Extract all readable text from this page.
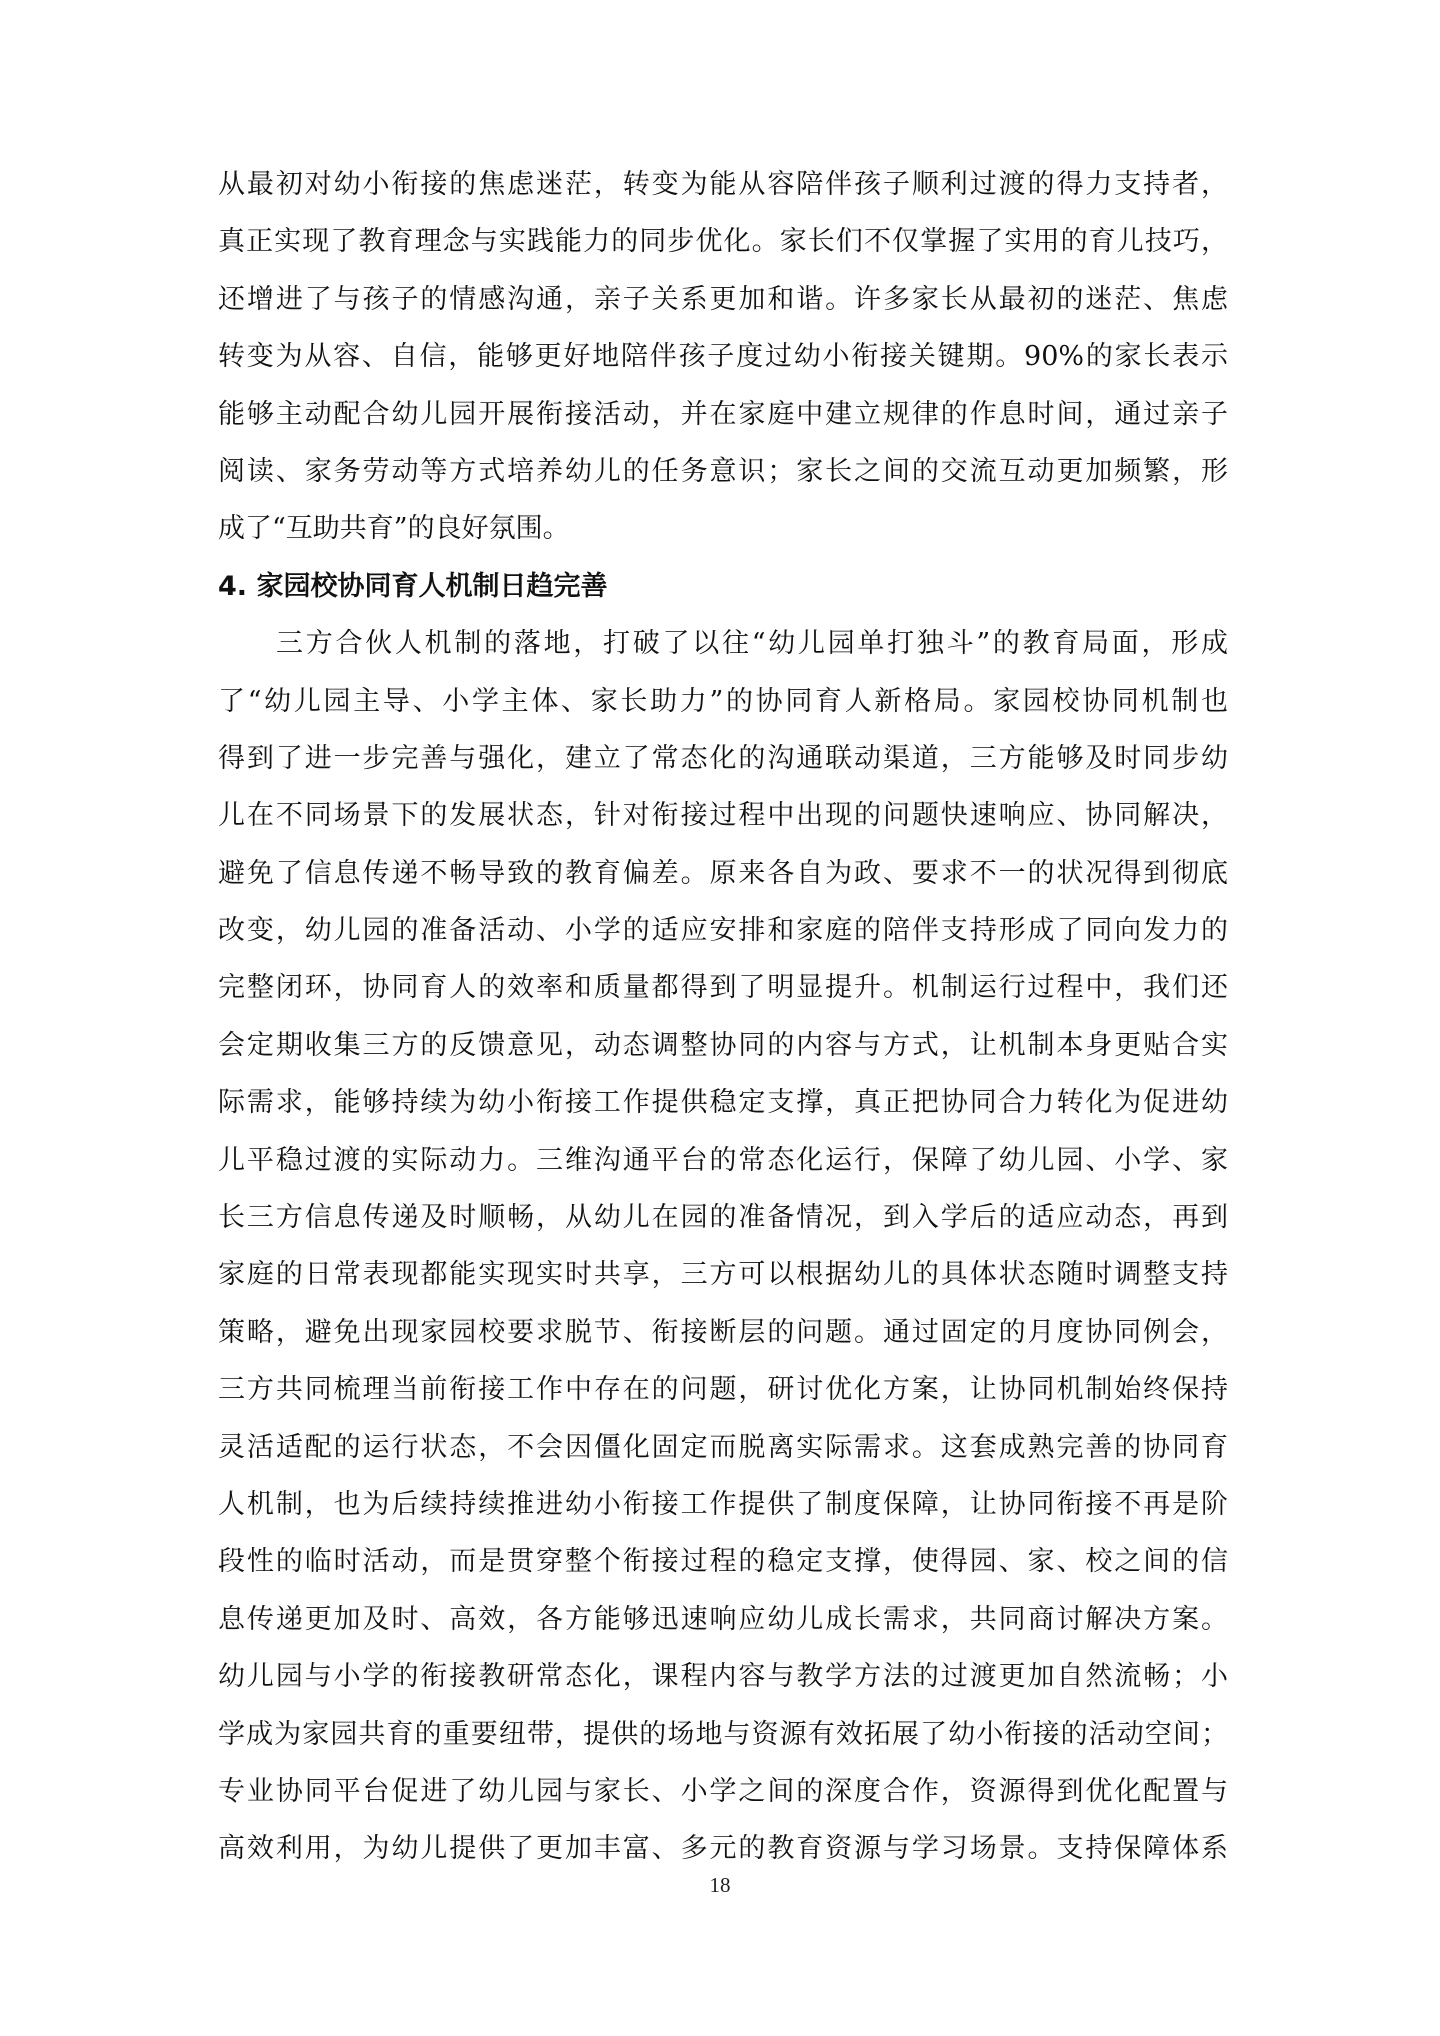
从最初对幼小衔接的焦虑迷茫，转变为能从容陪伴孩子顺利过渡的得力支持者，
真正实现了教育理念与实践能力的同步优化。家长们不仅掌握了实用的育儿技巧，
还增进了与孩子的情感沟通，亲子关系更加和谐。许多家长从最初的迷茫、焦虑
转变为从容、自信，能够更好地陪伴孩子度过幼小衔接关键期。90%的家长表示
能够主动配合幼儿园开展衔接活动，并在家庭中建立规律的作息时间，通过亲子
阅读、家务劳动等方式培养幼儿的任务意识；家长之间的交流互动更加频繁，形
成了“互助共育”的良好氛围。
4. 家园校协同育人机制日趋完善
三方合伙人机制的落地，打破了以往“幼儿园单打独斗”的教育局面，形成
了“幼儿园主导、小学主体、家长助力”的协同育人新格局。家园校协同机制也
得到了进一步完善与强化，建立了常态化的沟通联动渠道，三方能够及时同步幼
儿在不同场景下的发展状态，针对衔接过程中出现的问题快速响应、协同解决，
避免了信息传递不畅导致的教育偏差。原来各自为政、要求不一的状况得到彻底
改变，幼儿园的准备活动、小学的适应安排和家庭的陪伴支持形成了同向发力的
完整闭环，协同育人的效率和质量都得到了明显提升。机制运行过程中，我们还
会定期收集三方的反馈意见，动态调整协同的内容与方式，让机制本身更贴合实
际需求，能够持续为幼小衔接工作提供稳定支撑，真正把协同合力转化为促进幼
儿平稳过渡的实际动力。三维沟通平台的常态化运行，保障了幼儿园、小学、家
长三方信息传递及时顺畅，从幼儿在园的准备情况，到入学后的适应动态，再到
家庭的日常表现都能实现实时共享，三方可以根据幼儿的具体状态随时调整支持
策略，避免出现家园校要求脱节、衔接断层的问题。通过固定的月度协同例会，
三方共同梳理当前衔接工作中存在的问题，研讨优化方案，让协同机制始终保持
灵活适配的运行状态，不会因僵化固定而脱离实际需求。这套成熟完善的协同育
人机制，也为后续持续推进幼小衔接工作提供了制度保障，让协同衔接不再是阶
段性的临时活动，而是贯穿整个衔接过程的稳定支撑，使得园、家、校之间的信
息传递更加及时、高效，各方能够迅速响应幼儿成长需求，共同商讨解决方案。
幼儿园与小学的衔接教研常态化，课程内容与教学方法的过渡更加自然流畅；小
学成为家园共育的重要纽带，提供的场地与资源有效拓展了幼小衔接的活动空间；
专业协同平台促进了幼儿园与家长、小学之间的深度合作，资源得到优化配置与
高效利用，为幼儿提供了更加丰富、多元的教育资源与学习场景。支持保障体系
18
